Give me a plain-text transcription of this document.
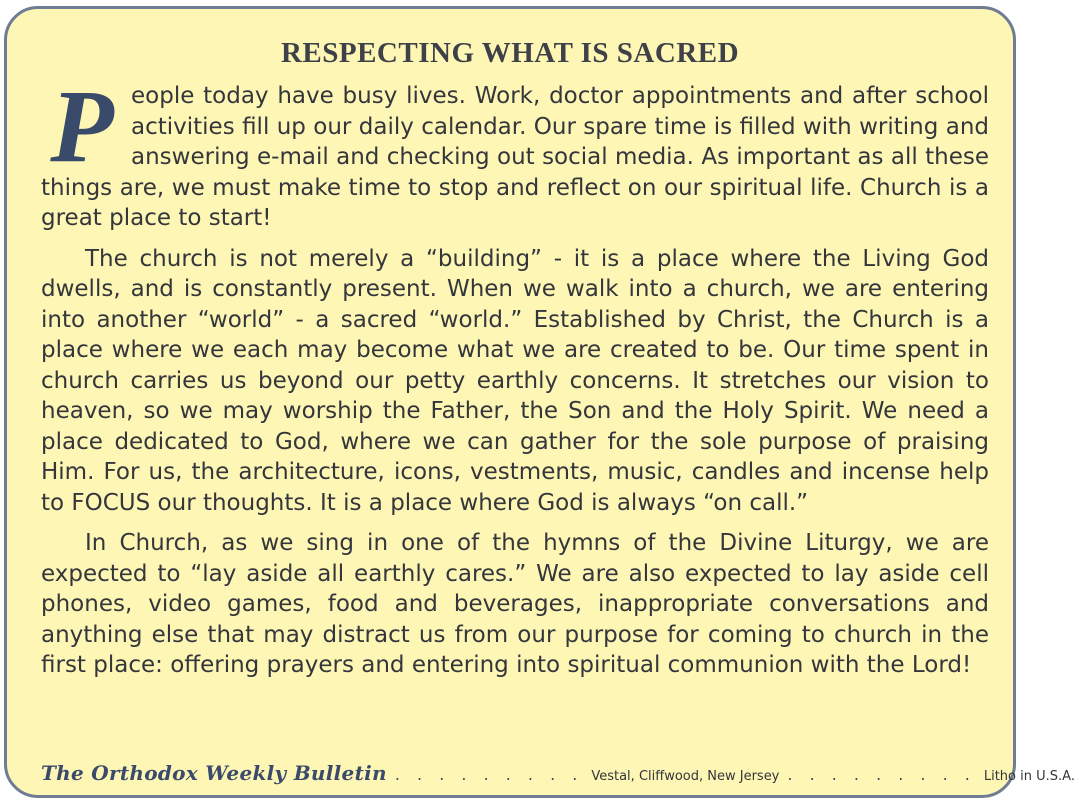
RESPECTING WHAT IS SACRED

People today have busy lives. Work, doctor appointments and after school activities fill up our daily calendar. Our spare time is filled with writing and answering e-mail and checking out social media. As important as all these things are, we must make time to stop and reflect on our spiritual life. Church is a great place to start!

The church is not merely a “building” - it is a place where the Living God dwells, and is constantly present. When we walk into a church, we are entering into another “world” - a sacred “world.” Established by Christ, the Church is a place where we each may become what we are created to be. Our time spent in church carries us beyond our petty earthly concerns. It stretches our vision to heaven, so we may worship the Father, the Son and the Holy Spirit. We need a place dedicated to God, where we can gather for the sole purpose of praising Him. For us, the architecture, icons, vestments, music, candles and incense help to FOCUS our thoughts. It is a place where God is always “on call.”

In Church, as we sing in one of the hymns of the Divine Liturgy, we are expected to “lay aside all earthly cares.” We are also expected to lay aside cell phones, video games, food and beverages, inappropriate conversations and anything else that may distract us from our purpose for coming to church in the first place: offering prayers and entering into spiritual communion with the Lord!

The Orthodox Weekly Bulletin . . . . . . . . . Vestal, Cliffwood, New Jersey . . . . . . . . . Litho in U.S.A.
